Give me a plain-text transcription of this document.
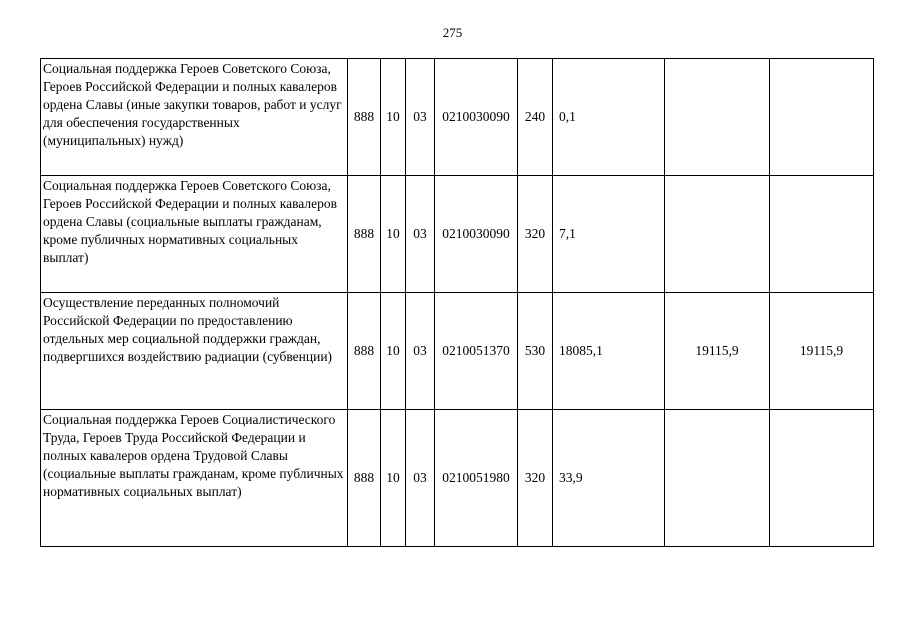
275
Социальная поддержка Героев Советского Союза, Героев Российской Федерации и полных кавалеров ордена Славы (иные закупки товаров, работ и услуг для обеспечения государственных (муниципальных) нужд)	888	10	03	0210030090	240	0,1		
Социальная поддержка Героев Советского Союза, Героев Российской Федерации и полных кавалеров ордена Славы (социальные выплаты гражданам, кроме публичных нормативных социальных выплат)	888	10	03	0210030090	320	7,1		
Осуществление переданных полномочий Российской Федерации по предоставлению отдельных мер социальной поддержки граждан, подвергшихся воздействию радиации (субвенции)	888	10	03	0210051370	530	18085,1	19115,9	19115,9
Социальная поддержка Героев Социалистического Труда, Героев Труда Российской Федерации и полных кавалеров ордена Трудовой Славы (социальные выплаты гражданам, кроме публичных нормативных социальных выплат)	888	10	03	0210051980	320	33,9		
